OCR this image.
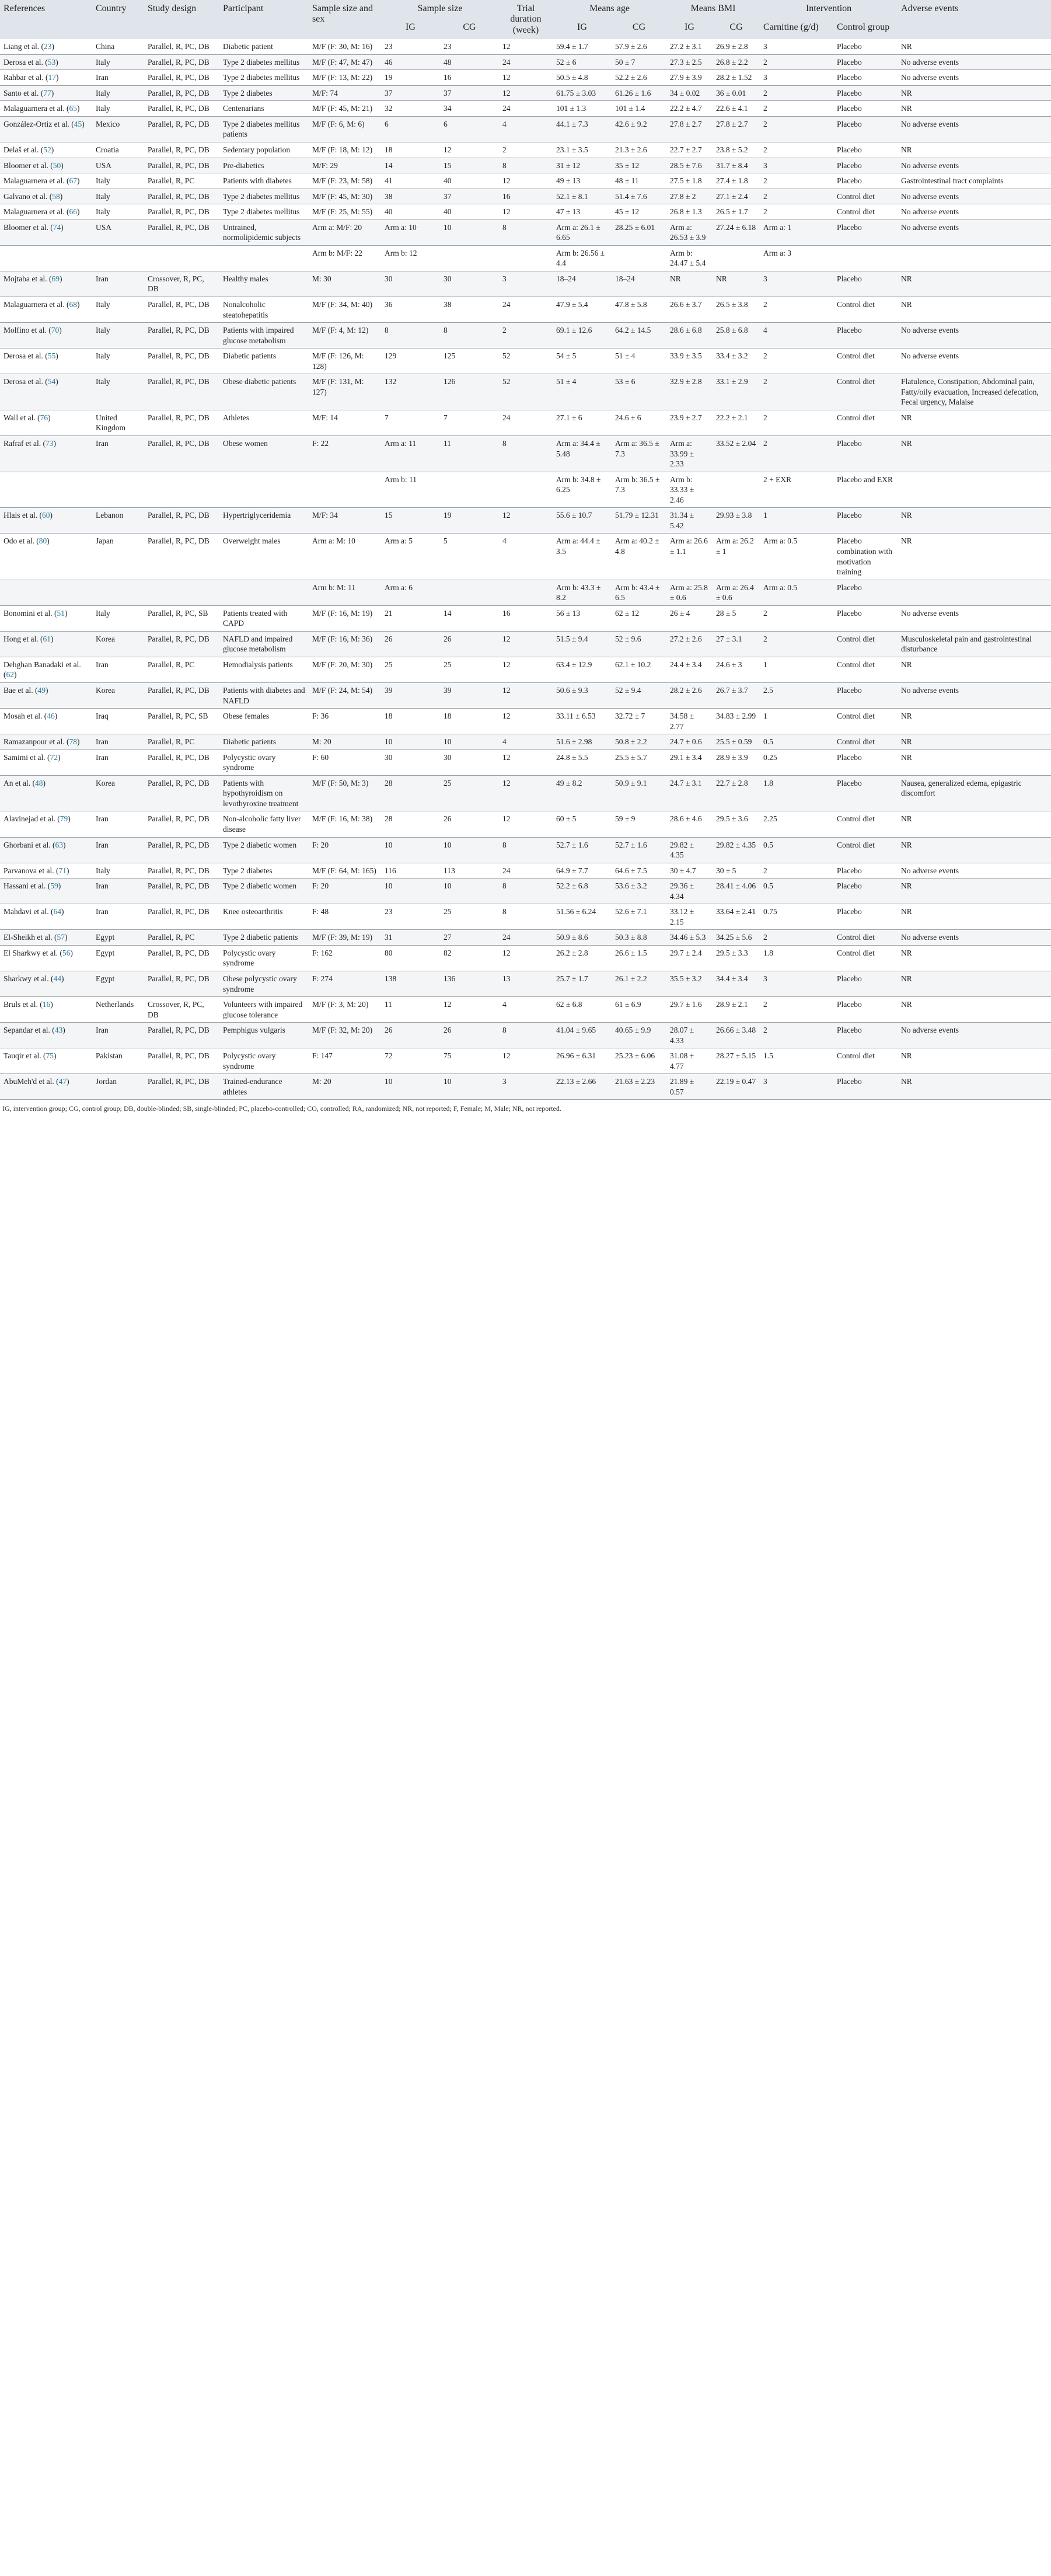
References	Country	Study design	Participant	Sample size and sex	Sample size		Trial duration (week)	Means age		Means BMI		Intervention		Adverse events
					IG	CG		IG	CG	IG	CG	Carnitine (g/d)	Control group	
Liang et al. (23)	China	Parallel, R, PC, DB	Diabetic patient	M/F (F: 30, M: 16)	23	23	12	59.4 ± 1.7	57.9 ± 2.6	27.2 ± 3.1	26.9 ± 2.8	3	Placebo	NR
Derosa et al. (53)	Italy	Parallel, R, PC, DB	Type 2 diabetes mellitus	M/F (F: 47, M: 47)	46	48	24	52 ± 6	50 ± 7	27.3 ± 2.5	26.8 ± 2.2	2	Placebo	No adverse events
Rahbar et al. (17)	Iran	Parallel, R, PC, DB	Type 2 diabetes mellitus	M/F (F: 13, M: 22)	19	16	12	50.5 ± 4.8	52.2 ± 2.6	27.9 ± 3.9	28.2 ± 1.52	3	Placebo	No adverse events
Santo et al. (77)	Italy	Parallel, R, PC, DB	Type 2 diabetes	M/F: 74	37	37	12	61.75 ± 3.03	61.26 ± 1.6	34 ± 0.02	36 ± 0.01	2	Placebo	NR
Malaguarnera et al. (65)	Italy	Parallel, R, PC, DB	Centenarians	M/F (F: 45, M: 21)	32	34	24	101 ± 1.3	101 ± 1.4	22.2 ± 4.7	22.6 ± 4.1	2	Placebo	NR
González-Ortiz et al. (45)	Mexico	Parallel, R, PC, DB	Type 2 diabetes mellitus patients	M/F (F: 6, M: 6)	6	6	4	44.1 ± 7.3	42.6 ± 9.2	27.8 ± 2.7	27.8 ± 2.7	2	Placebo	No adverse events
Delaš et al. (52)	Croatia	Parallel, R, PC, DB	Sedentary population	M/F (F: 18, M: 12)	18	12	2	23.1 ± 3.5	21.3 ± 2.6	22.7 ± 2.7	23.8 ± 5.2	2	Placebo	NR
Bloomer et al. (50)	USA	Parallel, R, PC, DB	Pre-diabetics	M/F: 29	14	15	8	31 ± 12	35 ± 12	28.5 ± 7.6	31.7 ± 8.4	3	Placebo	No adverse events
Malaguarnera et al. (67)	Italy	Parallel, R, PC	Patients with diabetes	M/F (F: 23, M: 58)	41	40	12	49 ± 13	48 ± 11	27.5 ± 1.8	27.4 ± 1.8	2	Placebo	Gastrointestinal tract complaints
Galvano et al. (58)	Italy	Parallel, R, PC, DB	Type 2 diabetes mellitus	M/F (F: 45, M: 30)	38	37	16	52.1 ± 8.1	51.4 ± 7.6	27.8 ± 2	27.1 ± 2.4	2	Control diet	No adverse events
Malaguarnera et al. (66)	Italy	Parallel, R, PC, DB	Type 2 diabetes mellitus	M/F (F: 25, M: 55)	40	40	12	47 ± 13	45 ± 12	26.8 ± 1.3	26.5 ± 1.7	2	Control diet	No adverse events
Bloomer et al. (74)	USA	Parallel, R, PC, DB	Untrained, normolipidemic subjects	Arm a: M/F: 20	Arm a: 10	10	8	Arm a: 26.1 ± 6.65	28.25 ± 6.01	Arm a: 26.53 ± 3.9	27.24 ± 6.18	Arm a: 1	Placebo	No adverse events
				Arm b: M/F: 22	Arm b: 12			Arm b: 26.56 ± 4.4		Arm b: 24.47 ± 5.4		Arm a: 3		
Mojtaba et al. (69)	Iran	Crossover, R, PC, DB	Healthy males	M: 30	30	30	3	18–24	18–24	NR	NR	3	Placebo	NR
Malaguarnera et al. (68)	Italy	Parallel, R, PC, DB	Nonalcoholic steatohepatitis	M/F (F: 34, M: 40)	36	38	24	47.9 ± 5.4	47.8 ± 5.8	26.6 ± 3.7	26.5 ± 3.8	2	Control diet	NR
Molfino et al. (70)	Italy	Parallel, R, PC, DB	Patients with impaired glucose metabolism	M/F (F: 4, M: 12)	8	8	2	69.1 ± 12.6	64.2 ± 14.5	28.6 ± 6.8	25.8 ± 6.8	4	Placebo	No adverse events
Derosa et al. (55)	Italy	Parallel, R, PC, DB	Diabetic patients	M/F (F: 126, M: 128)	129	125	52	54 ± 5	51 ± 4	33.9 ± 3.5	33.4 ± 3.2	2	Control diet	No adverse events
Derosa et al. (54)	Italy	Parallel, R, PC, DB	Obese diabetic patients	M/F (F: 131, M: 127)	132	126	52	51 ± 4	53 ± 6	32.9 ± 2.8	33.1 ± 2.9	2	Control diet	Flatulence, Constipation, Abdominal pain, Fatty/oily evacuation, Increased defecation, Fecal urgency, Malaise
Wall et al. (76)	United Kingdom	Parallel, R, PC, DB	Athletes	M/F: 14	7	7	24	27.1 ± 6	24.6 ± 6	23.9 ± 2.7	22.2 ± 2.1	2	Control diet	NR
Rafraf et al. (73)	Iran	Parallel, R, PC, DB	Obese women	F: 22	Arm a: 11	11	8	Arm a: 34.4 ± 5.48	Arm a: 36.5 ± 7.3	Arm a: 33.99 ± 2.33	33.52 ± 2.04	2	Placebo	NR
					Arm b: 11			Arm b: 34.8 ± 6.25	Arm b: 36.5 ± 7.3	Arm b: 33.33 ± 2.46		2 + EXR	Placebo and EXR	
Hlais et al. (60)	Lebanon	Parallel, R, PC, DB	Hypertriglyceridemia	M/F: 34	15	19	12	55.6 ± 10.7	51.79 ± 12.31	31.34 ± 5.42	29.93 ± 3.8	1	Placebo	NR
Odo et al. (80)	Japan	Parallel, R, PC, DB	Overweight males	Arm a: M: 10	Arm a: 5	5	4	Arm a: 44.4 ± 3.5	Arm a: 40.2 ± 4.8	Arm a: 26.6 ± 1.1	Arm a: 26.2 ± 1	Arm a: 0.5	Placebo combination with motivation training	NR
				Arm b: M: 11	Arm a: 6			Arm b: 43.3 ± 8.2	Arm b: 43.4 ± 6.5	Arm a: 25.8 ± 0.6	Arm a: 26.4 ± 0.6	Arm a: 0.5	Placebo	
Bonomini et al. (51)	Italy	Parallel, R, PC, SB	Patients treated with CAPD	M/F (F: 16, M: 19)	21	14	16	56 ± 13	62 ± 12	26 ± 4	28 ± 5	2	Placebo	No adverse events
Hong et al. (61)	Korea	Parallel, R, PC, DB	NAFLD and impaired glucose metabolism	M/F (F: 16, M: 36)	26	26	12	51.5 ± 9.4	52 ± 9.6	27.2 ± 2.6	27 ± 3.1	2	Control diet	Musculoskeletal pain and gastrointestinal disturbance
Dehghan Banadaki et al. (62)	Iran	Parallel, R, PC	Hemodialysis patients	M/F (F: 20, M: 30)	25	25	12	63.4 ± 12.9	62.1 ± 10.2	24.4 ± 3.4	24.6 ± 3	1	Control diet	NR
Bae et al. (49)	Korea	Parallel, R, PC, DB	Patients with diabetes and NAFLD	M/F (F: 24, M: 54)	39	39	12	50.6 ± 9.3	52 ± 9.4	28.2 ± 2.6	26.7 ± 3.7	2.5	Placebo	No adverse events
Mosah et al. (46)	Iraq	Parallel, R, PC, SB	Obese females	F: 36	18	18	12	33.11 ± 6.53	32.72 ± 7	34.58 ± 2.77	34.83 ± 2.99	1	Control diet	NR
Ramazanpour et al. (78)	Iran	Parallel, R, PC	Diabetic patients	M: 20	10	10	4	51.6 ± 2.98	50.8 ± 2.2	24.7 ± 0.6	25.5 ± 0.59	0.5	Control diet	NR
Samimi et al. (72)	Iran	Parallel, R, PC, DB	Polycystic ovary syndrome	F: 60	30	30	12	24.8 ± 5.5	25.5 ± 5.7	29.1 ± 3.4	28.9 ± 3.9	0.25	Placebo	NR
An et al. (48)	Korea	Parallel, R, PC, DB	Patients with hypothyroidism on levothyroxine treatment	M/F (F: 50, M: 3)	28	25	12	49 ± 8.2	50.9 ± 9.1	24.7 ± 3.1	22.7 ± 2.8	1.8	Placebo	Nausea, generalized edema, epigastric discomfort
Alavinejad et al. (79)	Iran	Parallel, R, PC, DB	Non-alcoholic fatty liver disease	M/F (F: 16, M: 38)	28	26	12	60 ± 5	59 ± 9	28.6 ± 4.6	29.5 ± 3.6	2.25	Control diet	NR
Ghorbani et al. (63)	Iran	Parallel, R, PC, DB	Type 2 diabetic women	F: 20	10	10	8	52.7 ± 1.6	52.7 ± 1.6	29.82 ± 4.35	29.82 ± 4.35	0.5	Control diet	NR
Parvanova et al. (71)	Italy	Parallel, R, PC, DB	Type 2 diabetes	M/F (F: 64, M: 165)	116	113	24	64.9 ± 7.7	64.6 ± 7.5	30 ± 4.7	30 ± 5	2	Placebo	No adverse events
Hassani et al. (59)	Iran	Parallel, R, PC, DB	Type 2 diabetic women	F: 20	10	10	8	52.2 ± 6.8	53.6 ± 3.2	29.36 ± 4.34	28.41 ± 4.06	0.5	Placebo	NR
Mahdavi et al. (64)	Iran	Parallel, R, PC, DB	Knee osteoarthritis	F: 48	23	25	8	51.56 ± 6.24	52.6 ± 7.1	33.12 ± 2.15	33.64 ± 2.41	0.75	Placebo	NR
El-Sheikh et al. (57)	Egypt	Parallel, R, PC	Type 2 diabetic patients	M/F (F: 39, M: 19)	31	27	24	50.9 ± 8.6	50.3 ± 8.8	34.46 ± 5.3	34.25 ± 5.6	2	Control diet	No adverse events
El Sharkwy et al. (56)	Egypt	Parallel, R, PC, DB	Polycystic ovary syndrome	F: 162	80	82	12	26.2 ± 2.8	26.6 ± 1.5	29.7 ± 2.4	29.5 ± 3.3	1.8	Control diet	NR
Sharkwy et al. (44)	Egypt	Parallel, R, PC, DB	Obese polycystic ovary syndrome	F: 274	138	136	13	25.7 ± 1.7	26.1 ± 2.2	35.5 ± 3.2	34.4 ± 3.4	3	Placebo	NR
Bruls et al. (16)	Netherlands	Crossover, R, PC, DB	Volunteers with impaired glucose tolerance	M/F (F: 3, M: 20)	11	12	4	62 ± 6.8	61 ± 6.9	29.7 ± 1.6	28.9 ± 2.1	2	Placebo	NR
Sepandar et al. (43)	Iran	Parallel, R, PC, DB	Pemphigus vulgaris	M/F (F: 32, M: 20)	26	26	8	41.04 ± 9.65	40.65 ± 9.9	28.07 ± 4.33	26.66 ± 3.48	2	Placebo	No adverse events
Tauqir et al. (75)	Pakistan	Parallel, R, PC, DB	Polycystic ovary syndrome	F: 147	72	75	12	26.96 ± 6.31	25.23 ± 6.06	31.08 ± 4.77	28.27 ± 5.15	1.5	Control diet	NR
AbuMeh'd et al. (47)	Jordan	Parallel, R, PC, DB	Trained-endurance athletes	M: 20	10	10	3	22.13 ± 2.66	21.63 ± 2.23	21.89 ± 0.57	22.19 ± 0.47	3	Placebo	NR
IG, intervention group; CG, control group; DB, double-blinded; SB, single-blinded; PC, placebo-controlled; CO, controlled; RA, randomized; NR, not reported; F, Female; M, Male; NR, not reported.
